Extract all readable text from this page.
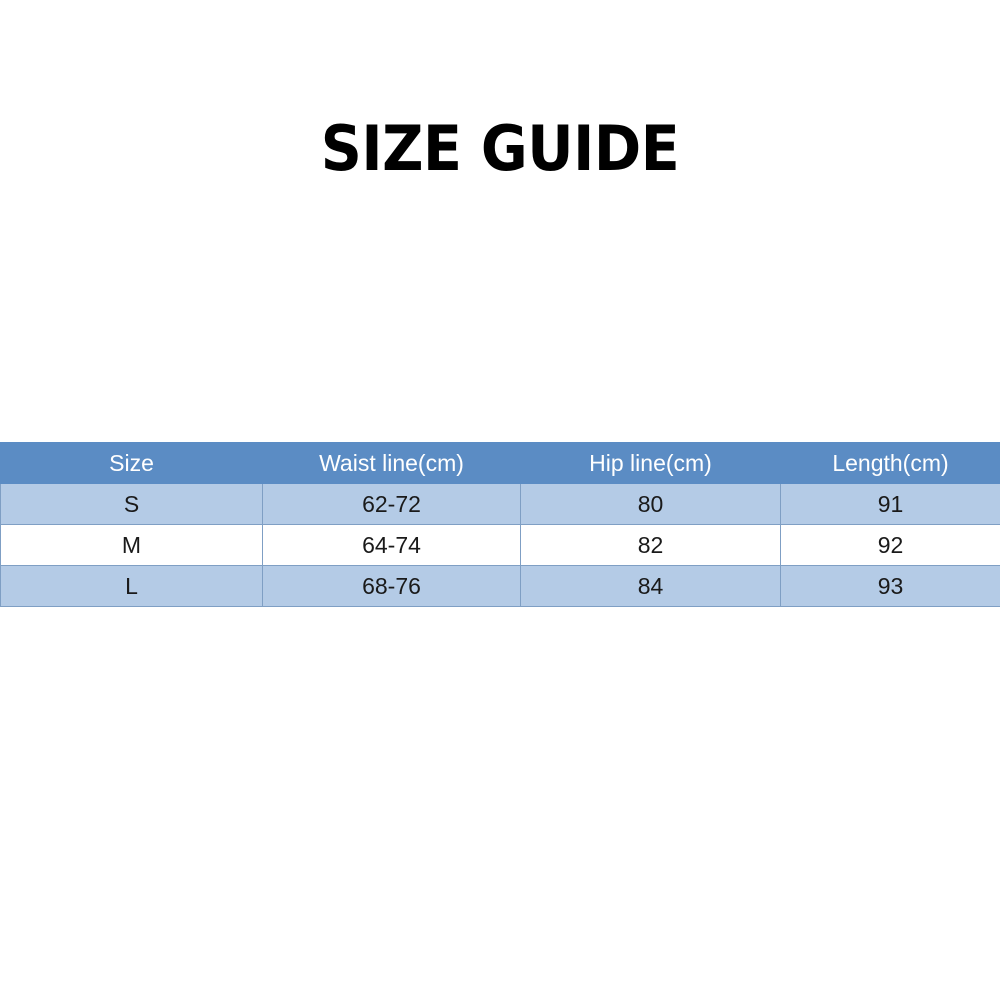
SIZE GUIDE
Size	Waist line(cm)	Hip line(cm)	Length(cm)
S	62-72	80	91
M	64-74	82	92
L	68-76	84	93
